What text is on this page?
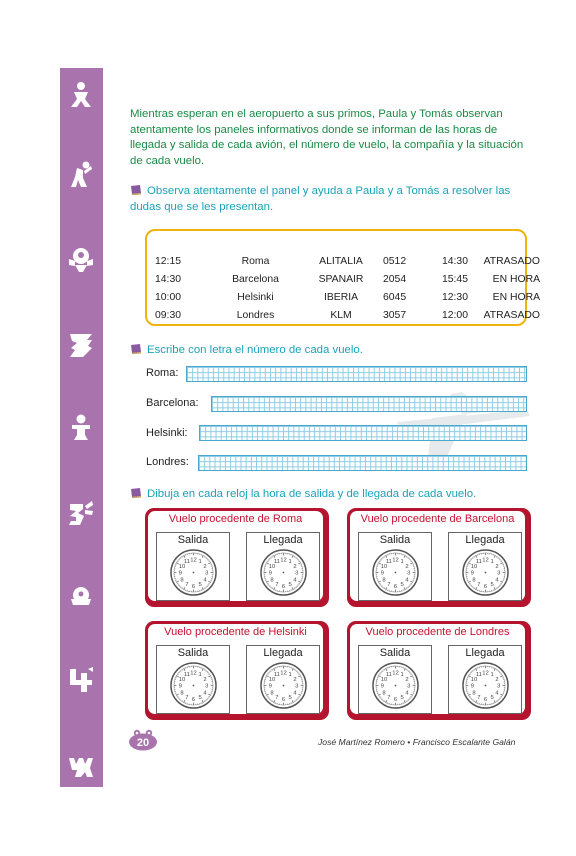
Mientras esperan en el aeropuerto a sus primos, Paula y Tomás observan atentamente los paneles informativos donde se informan de las horas de llegada y salida de cada avión, el número de vuelo, la compañía y la situación de cada vuelo.

Observa atentamente el panel y ayuda a Paula y a Tomás a resolver las dudas que se les presentan.
12:15	Roma	ALITALIA	0512	14:30	ATRASADO
14:30	Barcelona	SPANAIR	2054	15:45	EN HORA
10:00	Helsinki	IBERIA	6045	12:30	EN HORA
09:30	Londres	KLM	3057	12:00	ATRASADO
Escribe con letra el número de cada vuelo.
Roma:
Barcelona:
Helsinki:
Londres:
Dibuja en cada reloj la hora de salida y de llegada de cada vuelo.
Vuelo procedente de Roma
Salida
12 1
2
3
4
5
6
7
8
9
10
11
Llegada
12 1
2
3
4
5
6
7
8
9
10
11
Vuelo procedente de Barcelona
Salida
12 1
2
3
4
5
6
7
8
9
10
11
Llegada
12 1
2
3
4
5
6
7
8
9
10
11
Vuelo procedente de Helsinki
Salida
12 1
2
3
4
5
6
7
8
9
10
11
Llegada
12 1
2
3
4
5
6
7
8
9
10
11
Vuelo procedente de Londres
Salida
12 1
2
3
4
5
6
7
8
9
10
11
Llegada
12 1
2
3
4
5
6
7
8
9
10
11
20	José Martínez Romero • Francisco Escalante Galán
